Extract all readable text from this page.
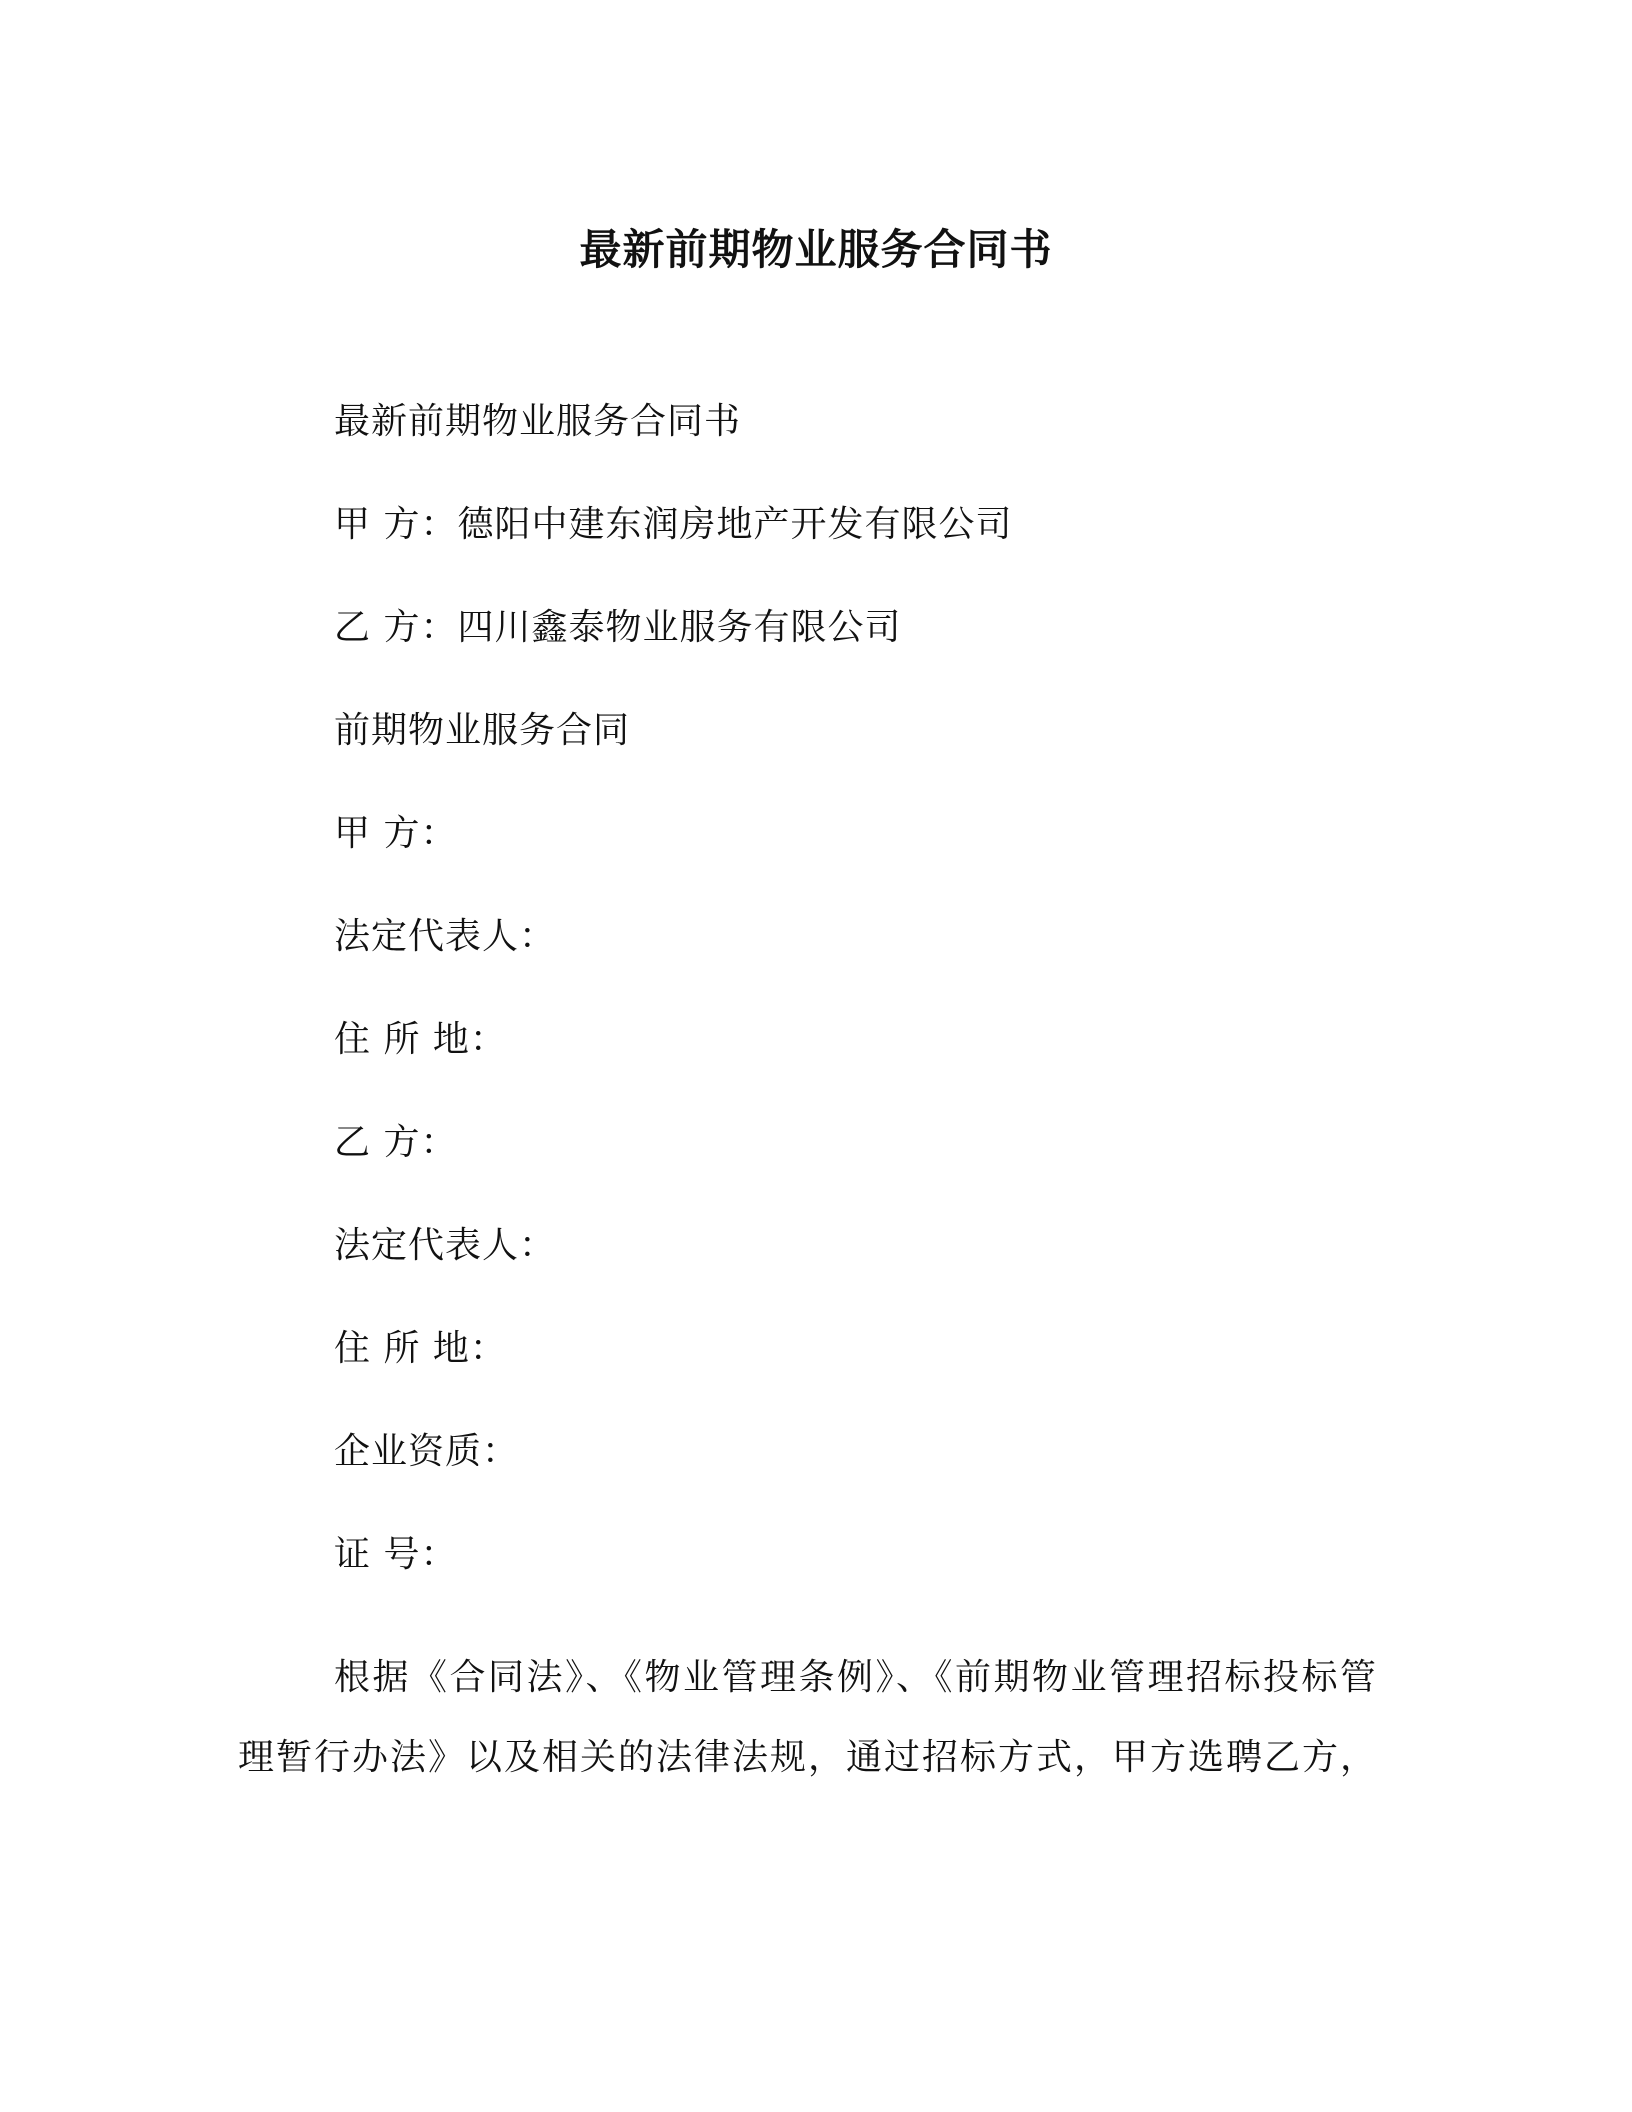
最新前期物业服务合同书
最新前期物业服务合同书
甲 方：德阳中建东润房地产开发有限公司
乙 方：四川鑫泰物业服务有限公司
前期物业服务合同
甲 方：
法定代表人：
住 所 地：
乙 方：
法定代表人：
住 所 地：
企业资质：
证 号：
根据《合同法》、《物业管理条例》、《前期物业管理招标投标管理暂行办法》以及相关的法律法规，通过招标方式，甲方选聘乙方，
